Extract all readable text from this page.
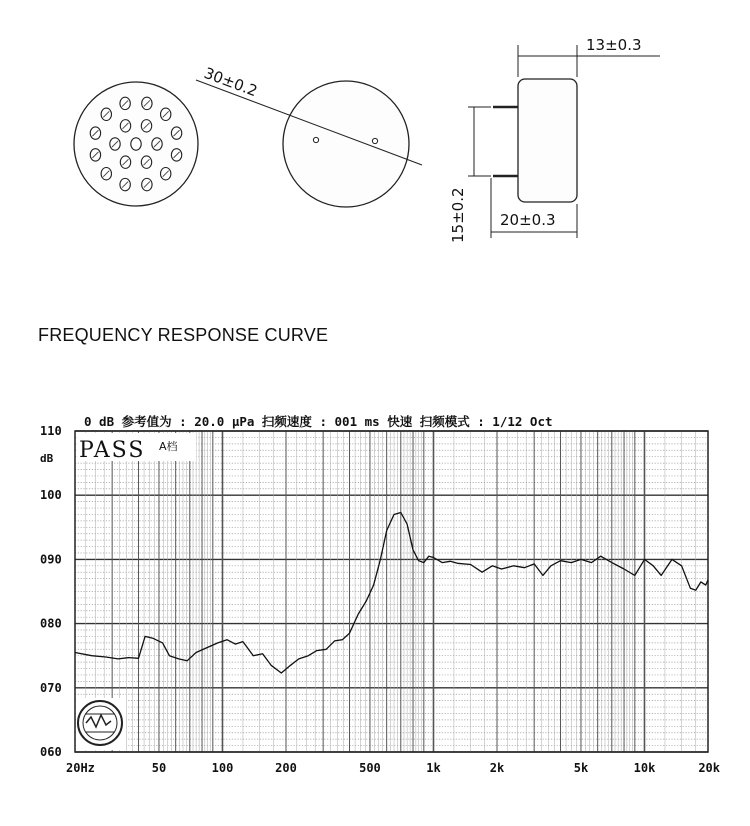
30±0.2
13±0.3
15±0.2 20±0.3
FREQUENCY RESPONSE CURVE
110
100
090
080
070
060
20Hz	50	100	200	500	1k	2k	5k	10k	20k
0 dB 参考值为 : 20.0 μPa 扫频速度 : 001 ms 快速 扫频模式 : 1/12 Oct
dB PASS A档
